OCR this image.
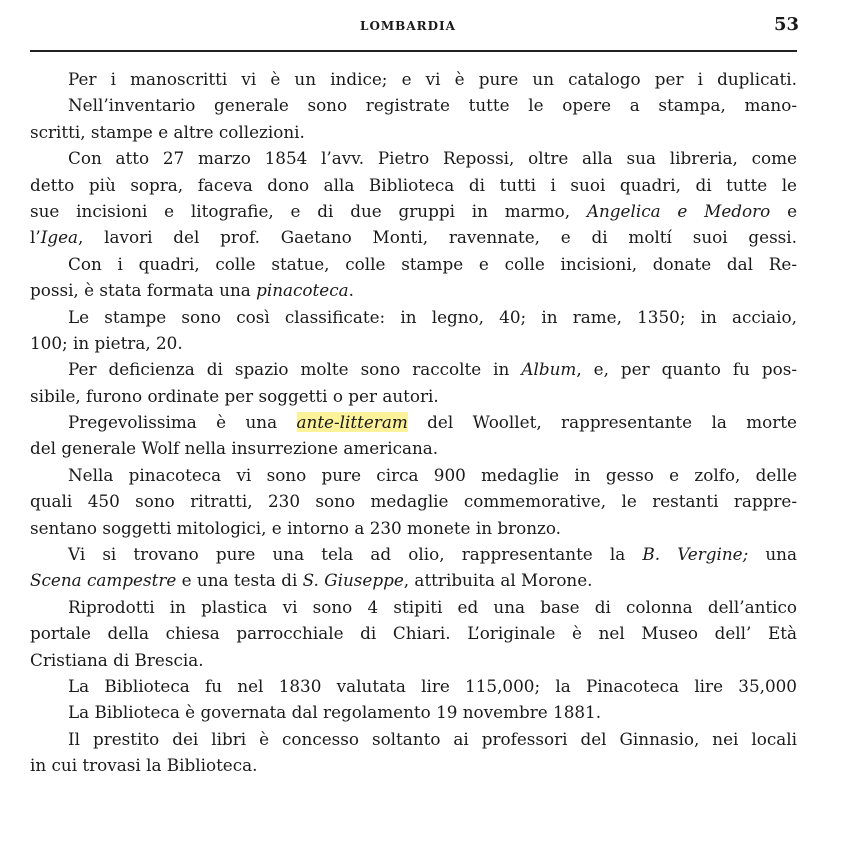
LOMBARDIA	53
Per i manoscritti vi è un indice; e vi è pure un catalogo per i duplicati.
Nell’inventario generale sono registrate tutte le opere a stampa, mano-
scritti, stampe e altre collezioni.
Con atto 27 marzo 1854 l’avv. Pietro Repossi, oltre alla sua libreria, come
detto più sopra, faceva dono alla Biblioteca di tutti i suoi quadri, di tutte le
sue incisioni e litografie, e di due gruppi in marmo, Angelica e Medoro e
l’Igea, lavori del prof. Gaetano Monti, ravennate, e di moltí suoi gessi.
Con i quadri, colle statue, colle stampe e colle incisioni, donate dal Re-
possi, è stata formata una pinacoteca.
Le stampe sono così classificate: in legno, 40; in rame, 1350; in acciaio,
100; in pietra, 20.
Per deficienza di spazio molte sono raccolte in Album, e, per quanto fu pos-
sibile, furono ordinate per soggetti o per autori.
Pregevolissima è una ante-litteram del Woollet, rappresentante la morte
del generale Wolf nella insurrezione americana.
Nella pinacoteca vi sono pure circa 900 medaglie in gesso e zolfo, delle
quali 450 sono ritratti, 230 sono medaglie commemorative, le restanti rappre-
sentano soggetti mitologici, e intorno a 230 monete in bronzo.
Vi si trovano pure una tela ad olio, rappresentante la B. Vergine; una
Scena campestre e una testa di S. Giuseppe, attribuita al Morone.
Riprodotti in plastica vi sono 4 stipiti ed una base di colonna dell’antico
portale della chiesa parrocchiale di Chiari. L’originale è nel Museo dell’ Età
Cristiana di Brescia.
La Biblioteca fu nel 1830 valutata lire 115,000; la Pinacoteca lire 35,000
La Biblioteca è governata dal regolamento 19 novembre 1881.
Il prestito dei libri è concesso soltanto ai professori del Ginnasio, nei locali
in cui trovasi la Biblioteca.
